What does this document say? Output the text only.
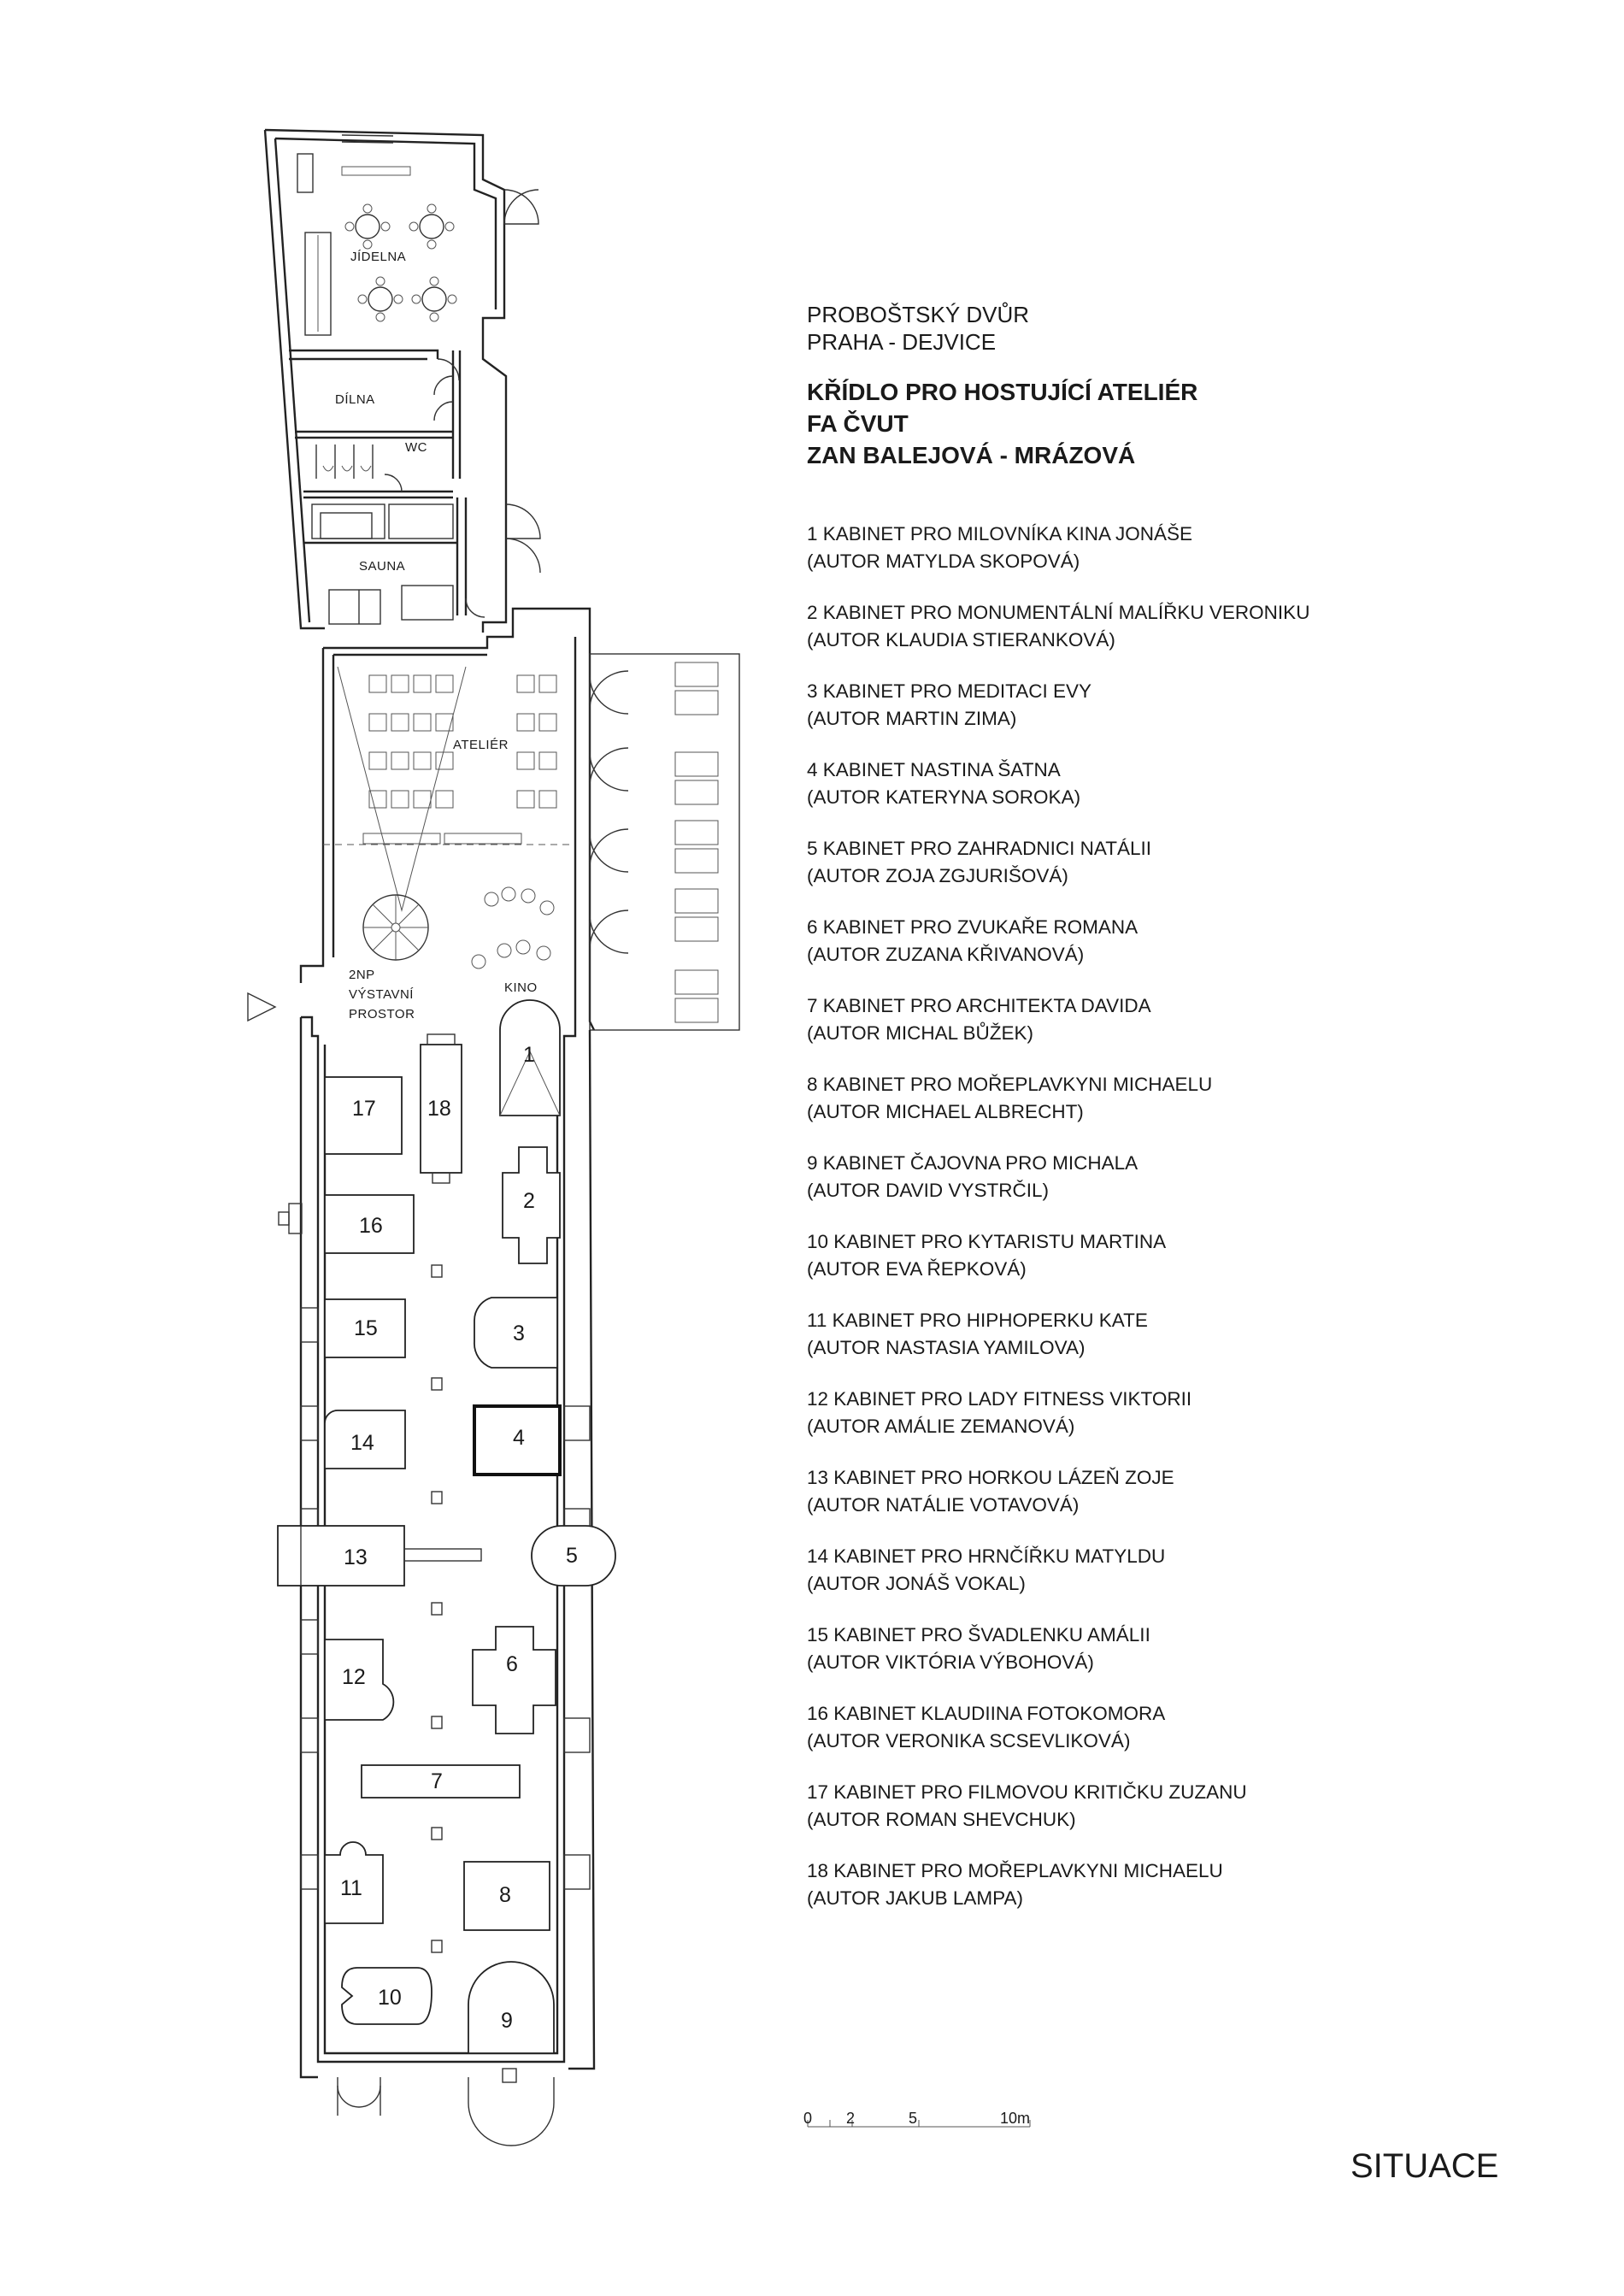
JÍDELNA
DÍLNA
WC
SAUNA
ATELIÉR
KINO
2NP
VÝSTAVNÍ
PROSTOR
1
2
3
4
5
6
7
8
9
10
11
12
13
14
15
16
17 18
0 2	5	10m

PROBOŠTSKÝ DVŮR

PRAHA - DEJVICE

KŘÍDLO PRO HOSTUJÍCÍ ATELIÉR

FA ČVUT

ZAN BALEJOVÁ - MRÁZOVÁ

1 KABINET PRO MILOVNÍKA KINA JONÁŠE
(AUTOR MATYLDA SKOPOVÁ)
2 KABINET PRO MONUMENTÁLNÍ MALÍŘKU VERONIKU
(AUTOR KLAUDIA STIERANKOVÁ)
3 KABINET PRO MEDITACI EVY
(AUTOR MARTIN ZIMA)
4 KABINET NASTINA ŠATNA
(AUTOR KATERYNA SOROKA)
5 KABINET PRO ZAHRADNICI NATÁLII
(AUTOR ZOJA ZGJURIŠOVÁ)
6 KABINET PRO ZVUKAŘE ROMANA
(AUTOR ZUZANA KŘIVANOVÁ)
7 KABINET PRO ARCHITEKTA DAVIDA
(AUTOR MICHAL BŮŽEK)
8 KABINET PRO MOŘEPLAVKYNI MICHAELU
(AUTOR MICHAEL ALBRECHT)
9 KABINET ČAJOVNA PRO MICHALA
(AUTOR DAVID VYSTRČIL)
10 KABINET PRO KYTARISTU MARTINA
(AUTOR EVA ŘEPKOVÁ)
11 KABINET PRO HIPHOPERKU KATE
(AUTOR NASTASIA YAMILOVA)
12 KABINET PRO LADY FITNESS VIKTORII
(AUTOR AMÁLIE ZEMANOVÁ)
13 KABINET PRO HORKOU LÁZEŇ ZOJE
(AUTOR NATÁLIE VOTAVOVÁ)
14 KABINET PRO HRNČÍŘKU MATYLDU
(AUTOR JONÁŠ VOKAL)
15 KABINET PRO ŠVADLENKU AMÁLII
(AUTOR VIKTÓRIA VÝBOHOVÁ)
16 KABINET KLAUDIINA FOTOKOMORA
(AUTOR VERONIKA SCSEVLIKOVÁ)
17 KABINET PRO FILMOVOU KRITIČKU ZUZANU
(AUTOR ROMAN SHEVCHUK)
18 KABINET PRO MOŘEPLAVKYNI MICHAELU
(AUTOR JAKUB LAMPA)
SITUACE
